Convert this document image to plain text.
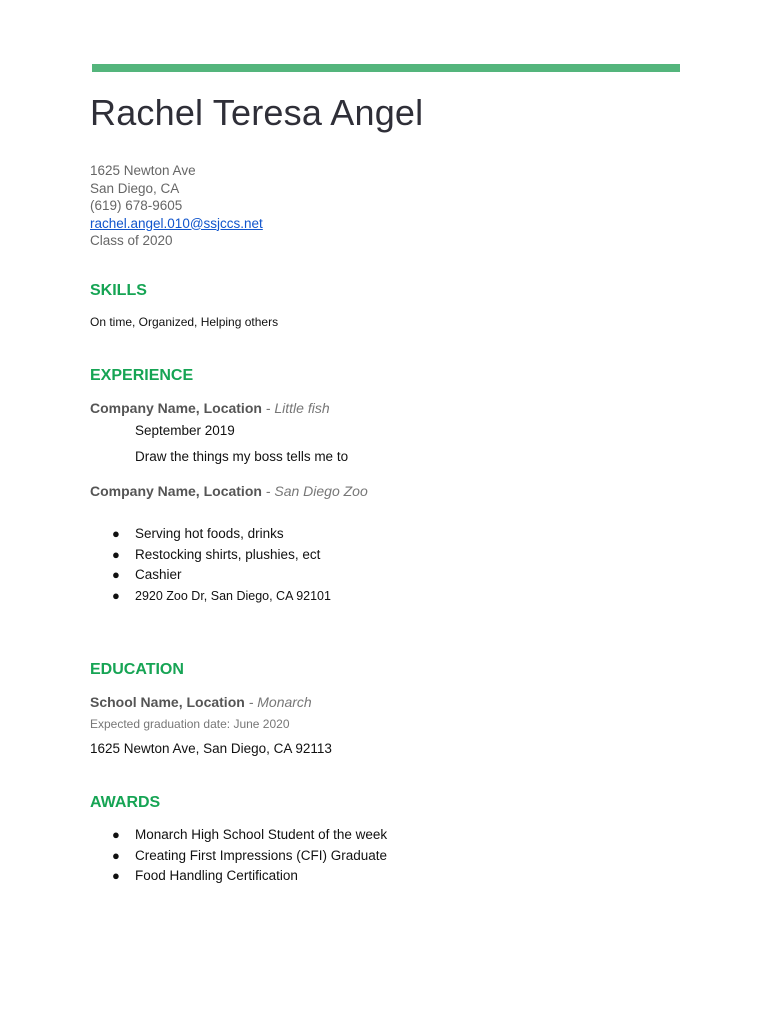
Rachel Teresa Angel
1625 Newton Ave
San Diego, CA
(619) 678-9605
rachel.angel.010@ssjccs.net
Class of 2020
SKILLS
On time, Organized, Helping others
EXPERIENCE
Company Name, Location - Little fish
September 2019
Draw the things my boss tells me to
Company Name, Location - San Diego Zoo
● Serving hot foods, drinks
● Restocking shirts, plushies, ect
● Cashier
● 2920 Zoo Dr, San Diego, CA 92101
EDUCATION
School Name, Location - Monarch
Expected graduation date: June 2020
1625 Newton Ave, San Diego, CA 92113
AWARDS
● Monarch High School Student of the week
● Creating First Impressions (CFI) Graduate
● Food Handling Certification
